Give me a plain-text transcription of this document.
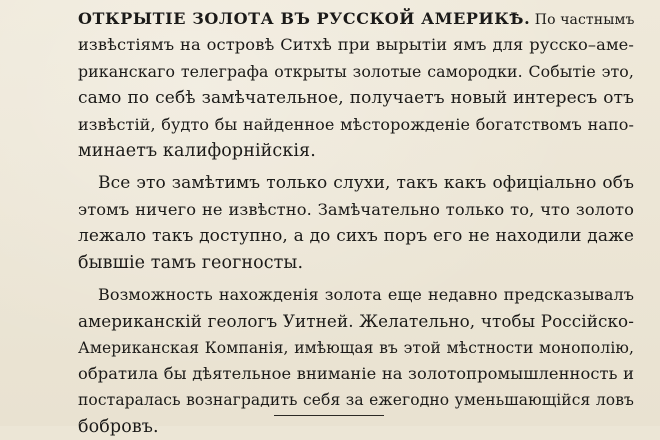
ОТКРЫТІЕ ЗОЛОТА ВЪ РУССКОЙ АМЕРИКѢ. По частнымъ
извѣстіямъ на островѣ Ситхѣ при вырытіи ямъ для русско–аме-
риканскаго телеграфа открыты золотые самородки. Событіе это,
само по себѣ замѣчательное, получаетъ новый интересъ отъ
извѣстій, будто бы найденное мѣсторожденіе богатствомъ напо-
минаетъ калифорнійскія.
Все это замѣтимъ только слухи, такъ какъ офиціально объ
этомъ ничего не извѣстно. Замѣчательно только то, что золото
лежало такъ доступно, а до сихъ поръ его не находили даже
бывшіе тамъ геогносты.
Возможность нахожденія золота еще недавно предсказывалъ
американскій геологъ Уитней. Желательно, чтобы Россійско-
Американская Компанія, имѣющая въ этой мѣстности монополію,
обратила бы дѣятельное вниманіе на золотопромышленность и
постаралась вознаградить себя за ежегодно уменьшающійся ловъ
бобровъ.
